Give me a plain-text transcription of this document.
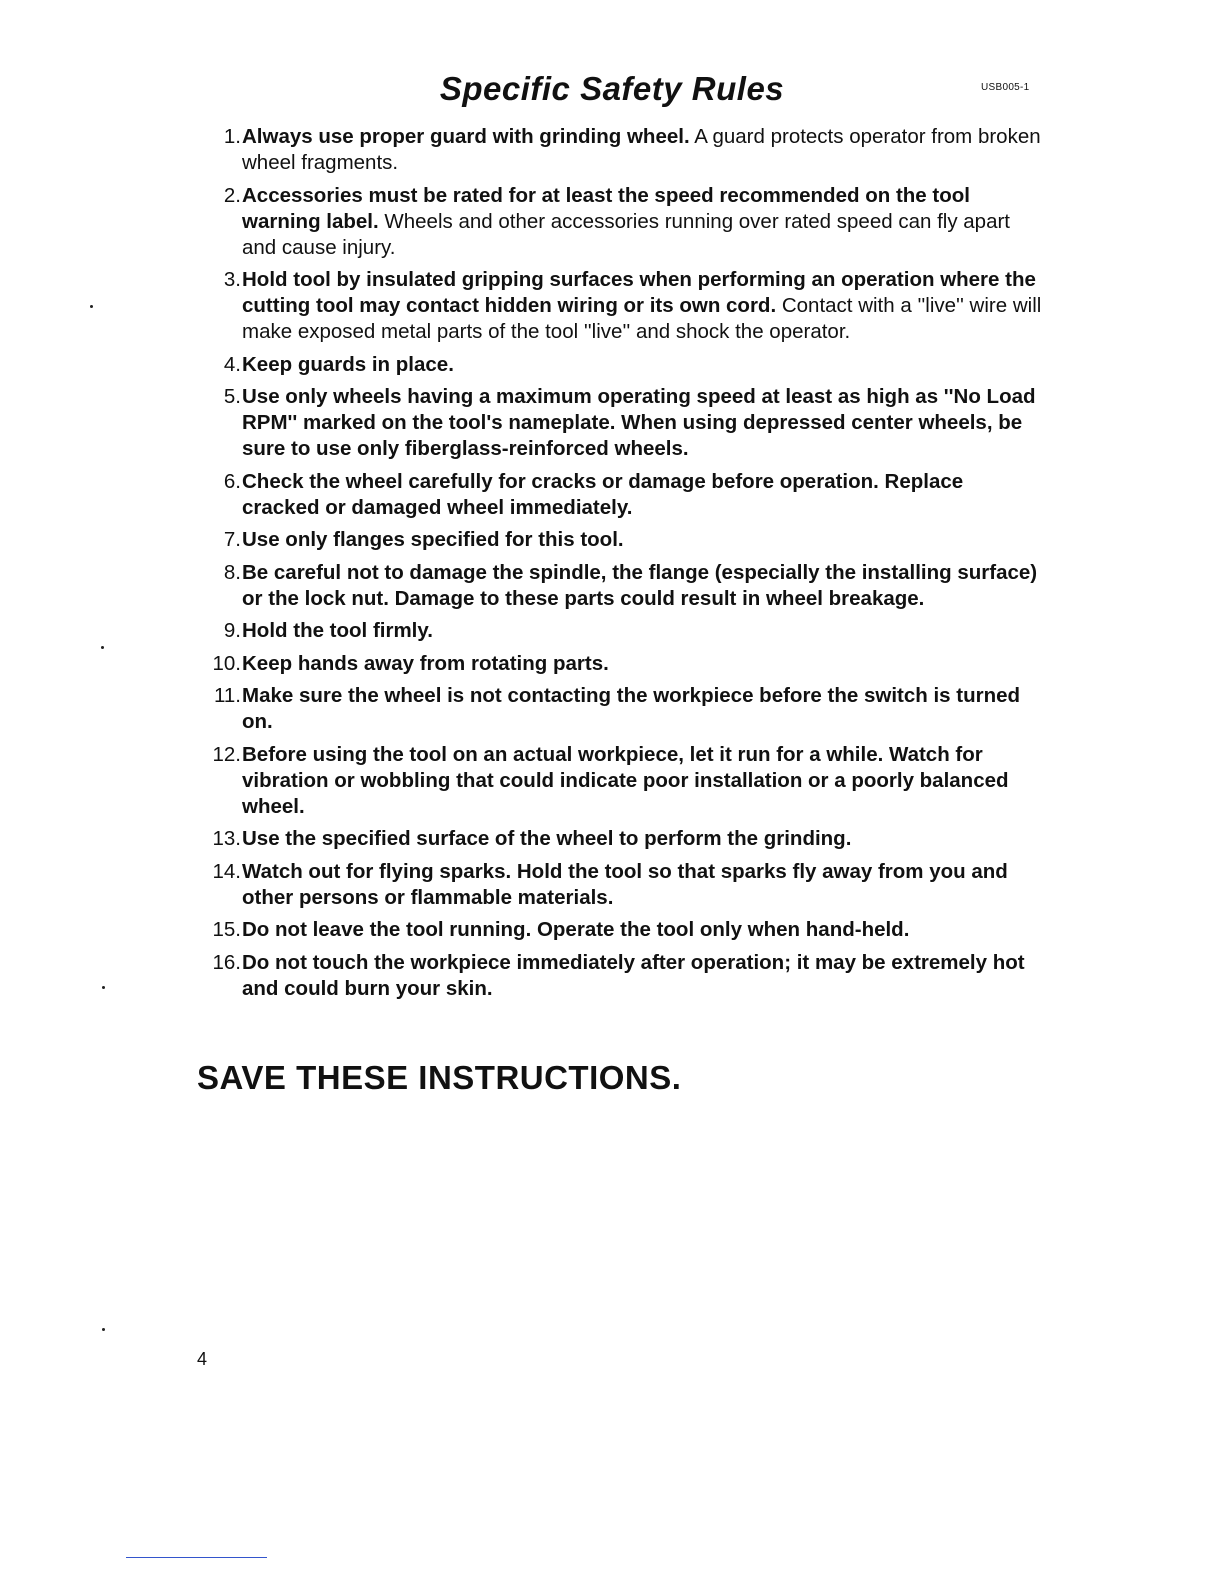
Specific Safety Rules	USB005-1
1. Always use proper guard with grinding wheel. A guard protects operator from broken wheel fragments.
2. Accessories must be rated for at least the speed recommended on the tool warning label. Wheels and other accessories running over rated speed can fly apart and cause injury.
3. Hold tool by insulated gripping surfaces when performing an operation where the cutting tool may contact hidden wiring or its own cord. Contact with a ''live'' wire will make exposed metal parts of the tool ''live'' and shock the operator.
4. Keep guards in place.
5. Use only wheels having a maximum operating speed at least as high as ''No Load RPM'' marked on the tool's nameplate. When using depressed center wheels, be sure to use only fiberglass-reinforced wheels.
6. Check the wheel carefully for cracks or damage before operation. Replace cracked or damaged wheel immediately.
7. Use only flanges specified for this tool.
8. Be careful not to damage the spindle, the flange (especially the installing surface) or the lock nut. Damage to these parts could result in wheel breakage.
9. Hold the tool firmly.
10. Keep hands away from rotating parts.
11. Make sure the wheel is not contacting the workpiece before the switch is turned on.
12. Before using the tool on an actual workpiece, let it run for a while. Watch for vibration or wobbling that could indicate poor installation or a poorly balanced wheel.
13. Use the specified surface of the wheel to perform the grinding.
14. Watch out for flying sparks. Hold the tool so that sparks fly away from you and other persons or flammable materials.
15. Do not leave the tool running. Operate the tool only when hand-held.
16. Do not touch the workpiece immediately after operation; it may be extremely hot and could burn your skin.
SAVE THESE INSTRUCTIONS.
4
